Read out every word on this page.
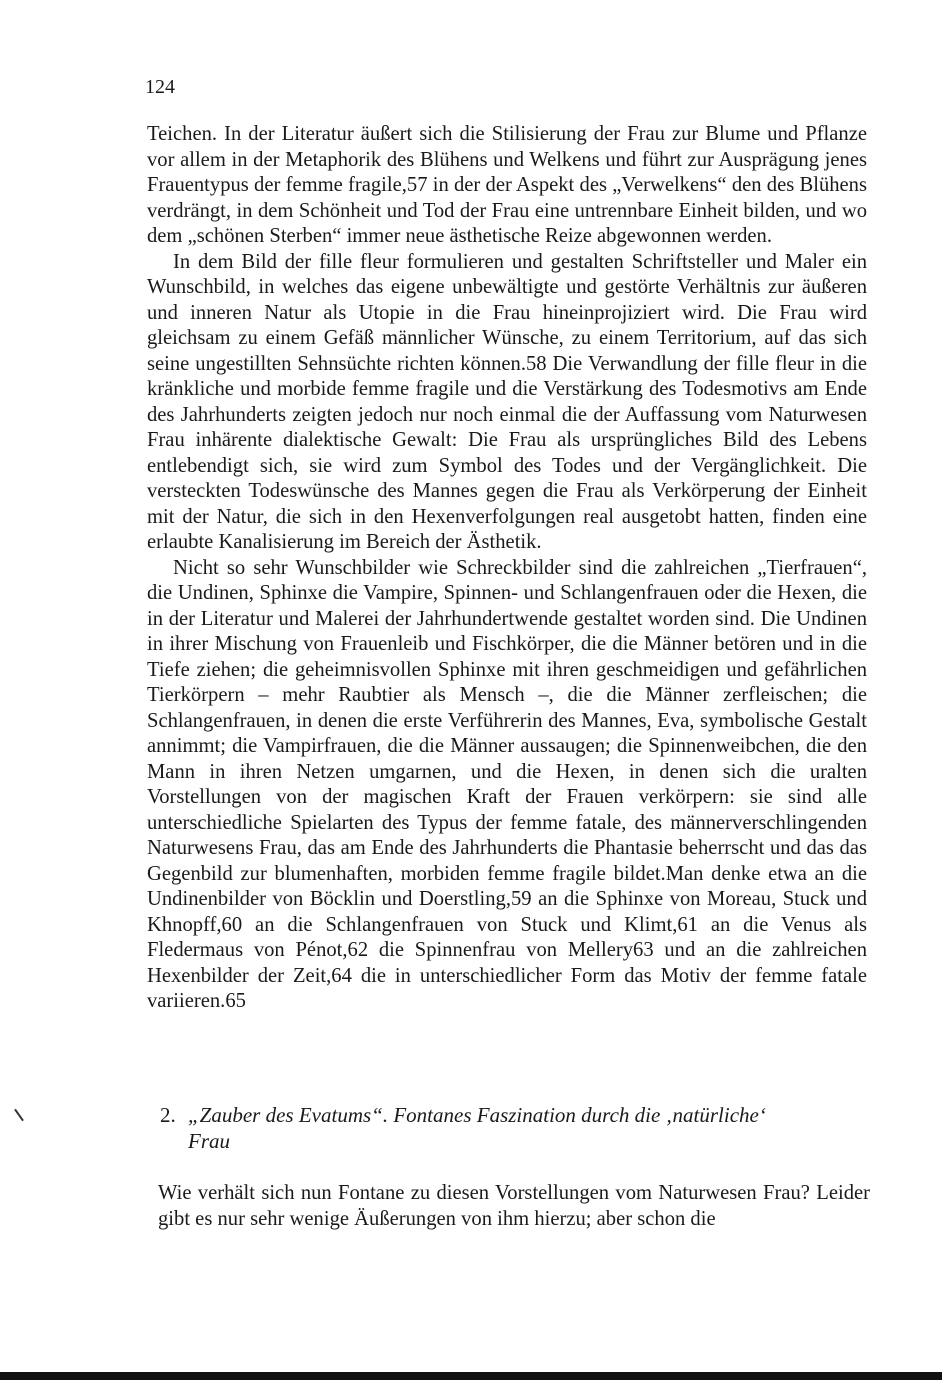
124

Teichen. In der Literatur äußert sich die Stilisierung der Frau zur Blume und Pflanze vor allem in der Metaphorik des Blühens und Welkens und führt zur Ausprägung jenes Frauentypus der femme fragile,57 in der der Aspekt des „Verwelkens“ den des Blühens verdrängt, in dem Schönheit und Tod der Frau eine untrennbare Einheit bilden, und wo dem „schönen Sterben“ immer neue ästhetische Reize abgewonnen werden.

In dem Bild der fille fleur formulieren und gestalten Schriftsteller und Maler ein Wunschbild, in welches das eigene unbewältigte und gestörte Verhältnis zur äußeren und inneren Natur als Utopie in die Frau hineinprojiziert wird. Die Frau wird gleichsam zu einem Gefäß männlicher Wünsche, zu einem Territorium, auf das sich seine ungestillten Sehnsüchte richten können.58 Die Verwandlung der fille fleur in die kränkliche und morbide femme fragile und die Verstärkung des Todesmotivs am Ende des Jahrhunderts zeigten jedoch nur noch einmal die der Auffassung vom Naturwesen Frau inhärente dialektische Gewalt: Die Frau als ursprüngliches Bild des Lebens entlebendigt sich, sie wird zum Symbol des Todes und der Vergänglichkeit. Die versteckten Todeswünsche des Mannes gegen die Frau als Verkörperung der Einheit mit der Natur, die sich in den Hexenverfolgungen real ausgetobt hatten, finden eine erlaubte Kanalisierung im Bereich der Ästhetik.

Nicht so sehr Wunschbilder wie Schreckbilder sind die zahlreichen „Tierfrauen“, die Undinen, Sphinxe die Vampire, Spinnen- und Schlangenfrauen oder die Hexen, die in der Literatur und Malerei der Jahrhundertwende gestaltet worden sind. Die Undinen in ihrer Mischung von Frauenleib und Fischkörper, die die Männer betören und in die Tiefe ziehen; die geheimnisvollen Sphinxe mit ihren geschmeidigen und gefährlichen Tierkörpern – mehr Raubtier als Mensch –, die die Männer zerfleischen; die Schlangenfrauen, in denen die erste Verführerin des Mannes, Eva, symbolische Gestalt annimmt; die Vampirfrauen, die die Männer aussaugen; die Spinnenweibchen, die den Mann in ihren Netzen umgarnen, und die Hexen, in denen sich die uralten Vorstellungen von der magischen Kraft der Frauen verkörpern: sie sind alle unterschiedliche Spielarten des Typus der femme fatale, des männerverschlingenden Naturwesens Frau, das am Ende des Jahrhunderts die Phantasie beherrscht und das das Gegenbild zur blumenhaften, morbiden femme fragile bildet.Man denke etwa an die Undinenbilder von Böcklin und Doerstling,59 an die Sphinxe von Moreau, Stuck und Khnopff,60 an die Schlangenfrauen von Stuck und Klimt,61 an die Venus als Fledermaus von Pénot,62 die Spinnenfrau von Mellery63 und an die zahlreichen Hexenbilder der Zeit,64 die in unterschiedlicher Form das Motiv der femme fatale variieren.65

2. „Zauber des Evatums“. Fontanes Faszination durch die ‚natürliche‘
Frau

Wie verhält sich nun Fontane zu diesen Vorstellungen vom Naturwesen Frau? Leider gibt es nur sehr wenige Äußerungen von ihm hierzu; aber schon die
